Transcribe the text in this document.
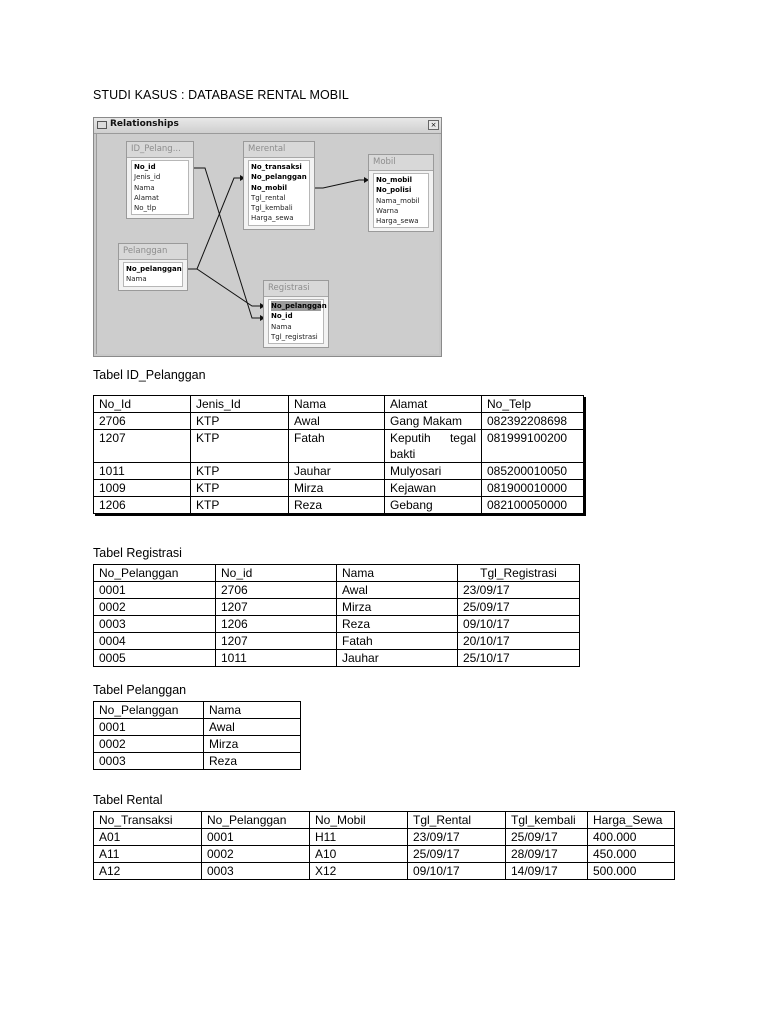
STUDI KASUS : DATABASE RENTAL MOBIL
Relationships	×
ID_Pelang...
No_id
Jenis_id
Nama
Alamat
No_tlp
Merental
No_transaksi
No_pelanggan
No_mobil
Tgl_rental
Tgl_kembali
Harga_sewa
Mobil
No_mobil
No_polisi
Nama_mobil
Warna
Harga_sewa
Pelanggan
No_pelanggan
Nama
Registrasi
No_pelanggan
No_id
Nama
Tgl_registrasi
Tabel ID_Pelanggan
No_Id	Jenis_Id	Nama	Alamat	No_Telp
2706	KTP	Awal	Gang Makam	082392208698
1207	KTP	Fatah	Keputih tegal bakti	081999100200
1011	KTP	Jauhar	Mulyosari	085200010050
1009	KTP	Mirza	Kejawan	081900010000
1206	KTP	Reza	Gebang	082100050000
Tabel Registrasi
No_Pelanggan	No_id	Nama	Tgl_Registrasi
0001	2706	Awal	23/09/17
0002	1207	Mirza	25/09/17
0003	1206	Reza	09/10/17
0004	1207	Fatah	20/10/17
0005	1011	Jauhar	25/10/17
Tabel Pelanggan
No_Pelanggan	Nama
0001	Awal
0002	Mirza
0003	Reza
Tabel Rental
No_Transaksi	No_Pelanggan	No_Mobil	Tgl_Rental	Tgl_kembali	Harga_Sewa
A01	0001	H11	23/09/17	25/09/17	400.000
A11	0002	A10	25/09/17	28/09/17	450.000
A12	0003	X12	09/10/17	14/09/17	500.000
